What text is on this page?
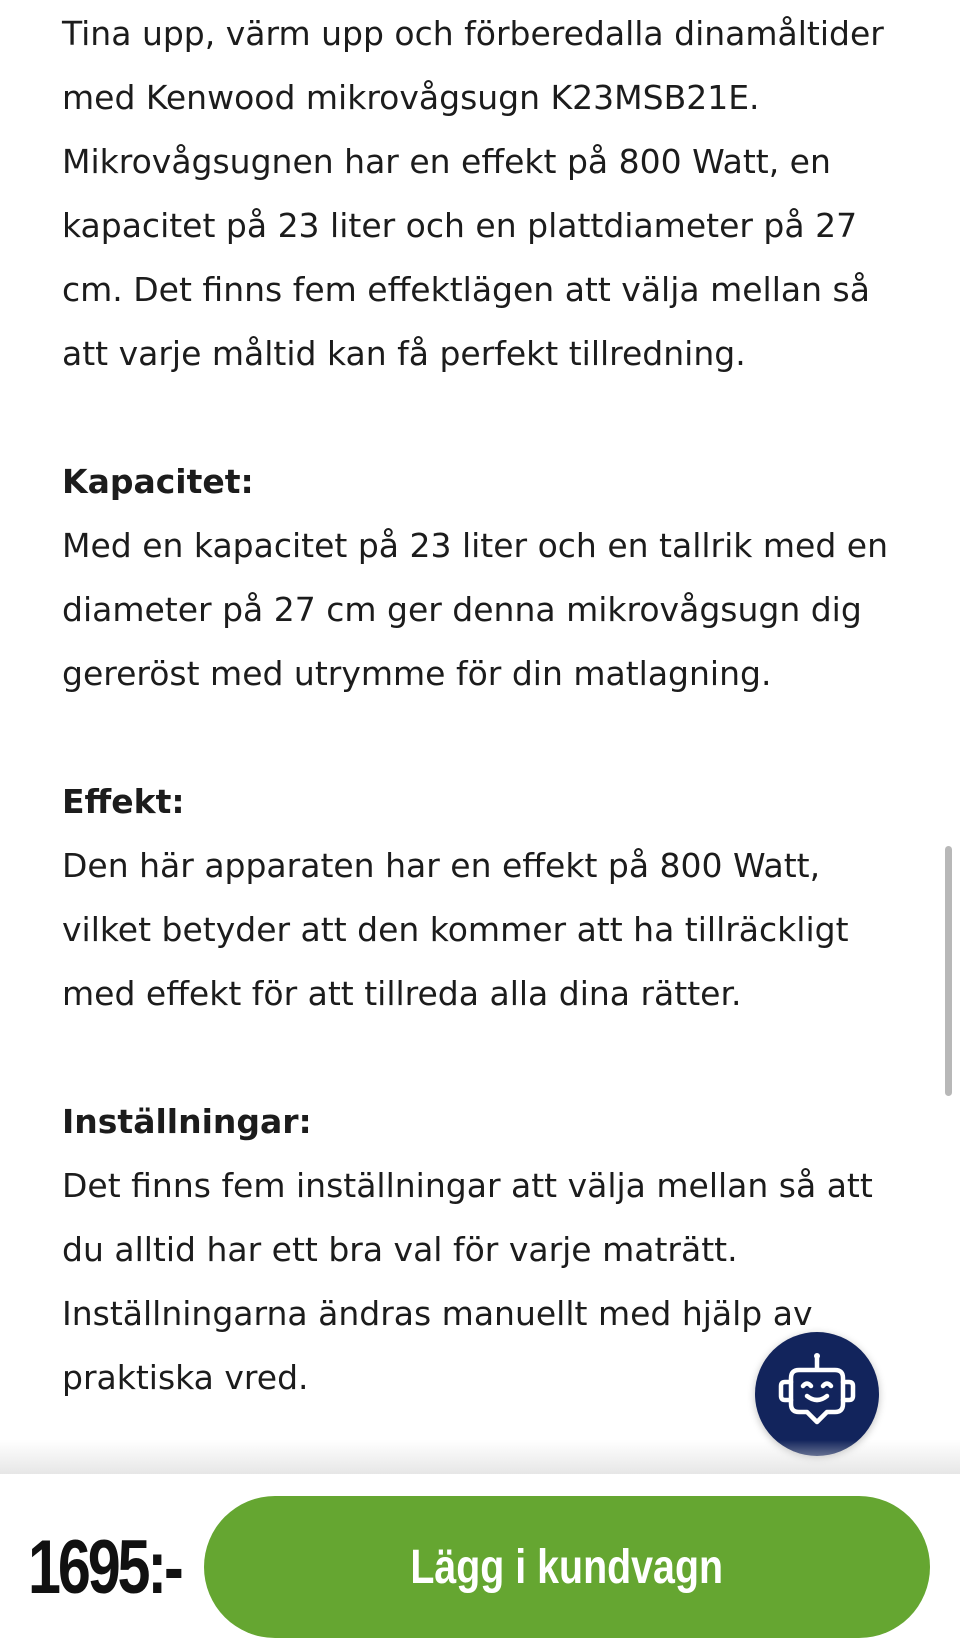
Tina upp, värm upp och förberedalla dinamåltider

med Kenwood mikrovågsugn K23MSB21E.

Mikrovågsugnen har en effekt på 800 Watt, en

kapacitet på 23 liter och en plattdiameter på 27

cm. Det finns fem effektlägen att välja mellan så

att varje måltid kan få perfekt tillredning.

Kapacitet:

Med en kapacitet på 23 liter och en tallrik med en

diameter på 27 cm ger denna mikrovågsugn dig

gereröst med utrymme för din matlagning.

Effekt:

Den här apparaten har en effekt på 800 Watt,

vilket betyder att den kommer att ha tillräckligt

med effekt för att tillreda alla dina rätter.

Inställningar:

Det finns fem inställningar att välja mellan så att

du alltid har ett bra val för varje maträtt.

Inställningarna ändras manuellt med hjälp av

praktiska vred.

1695:-	Lägg i kundvagn
